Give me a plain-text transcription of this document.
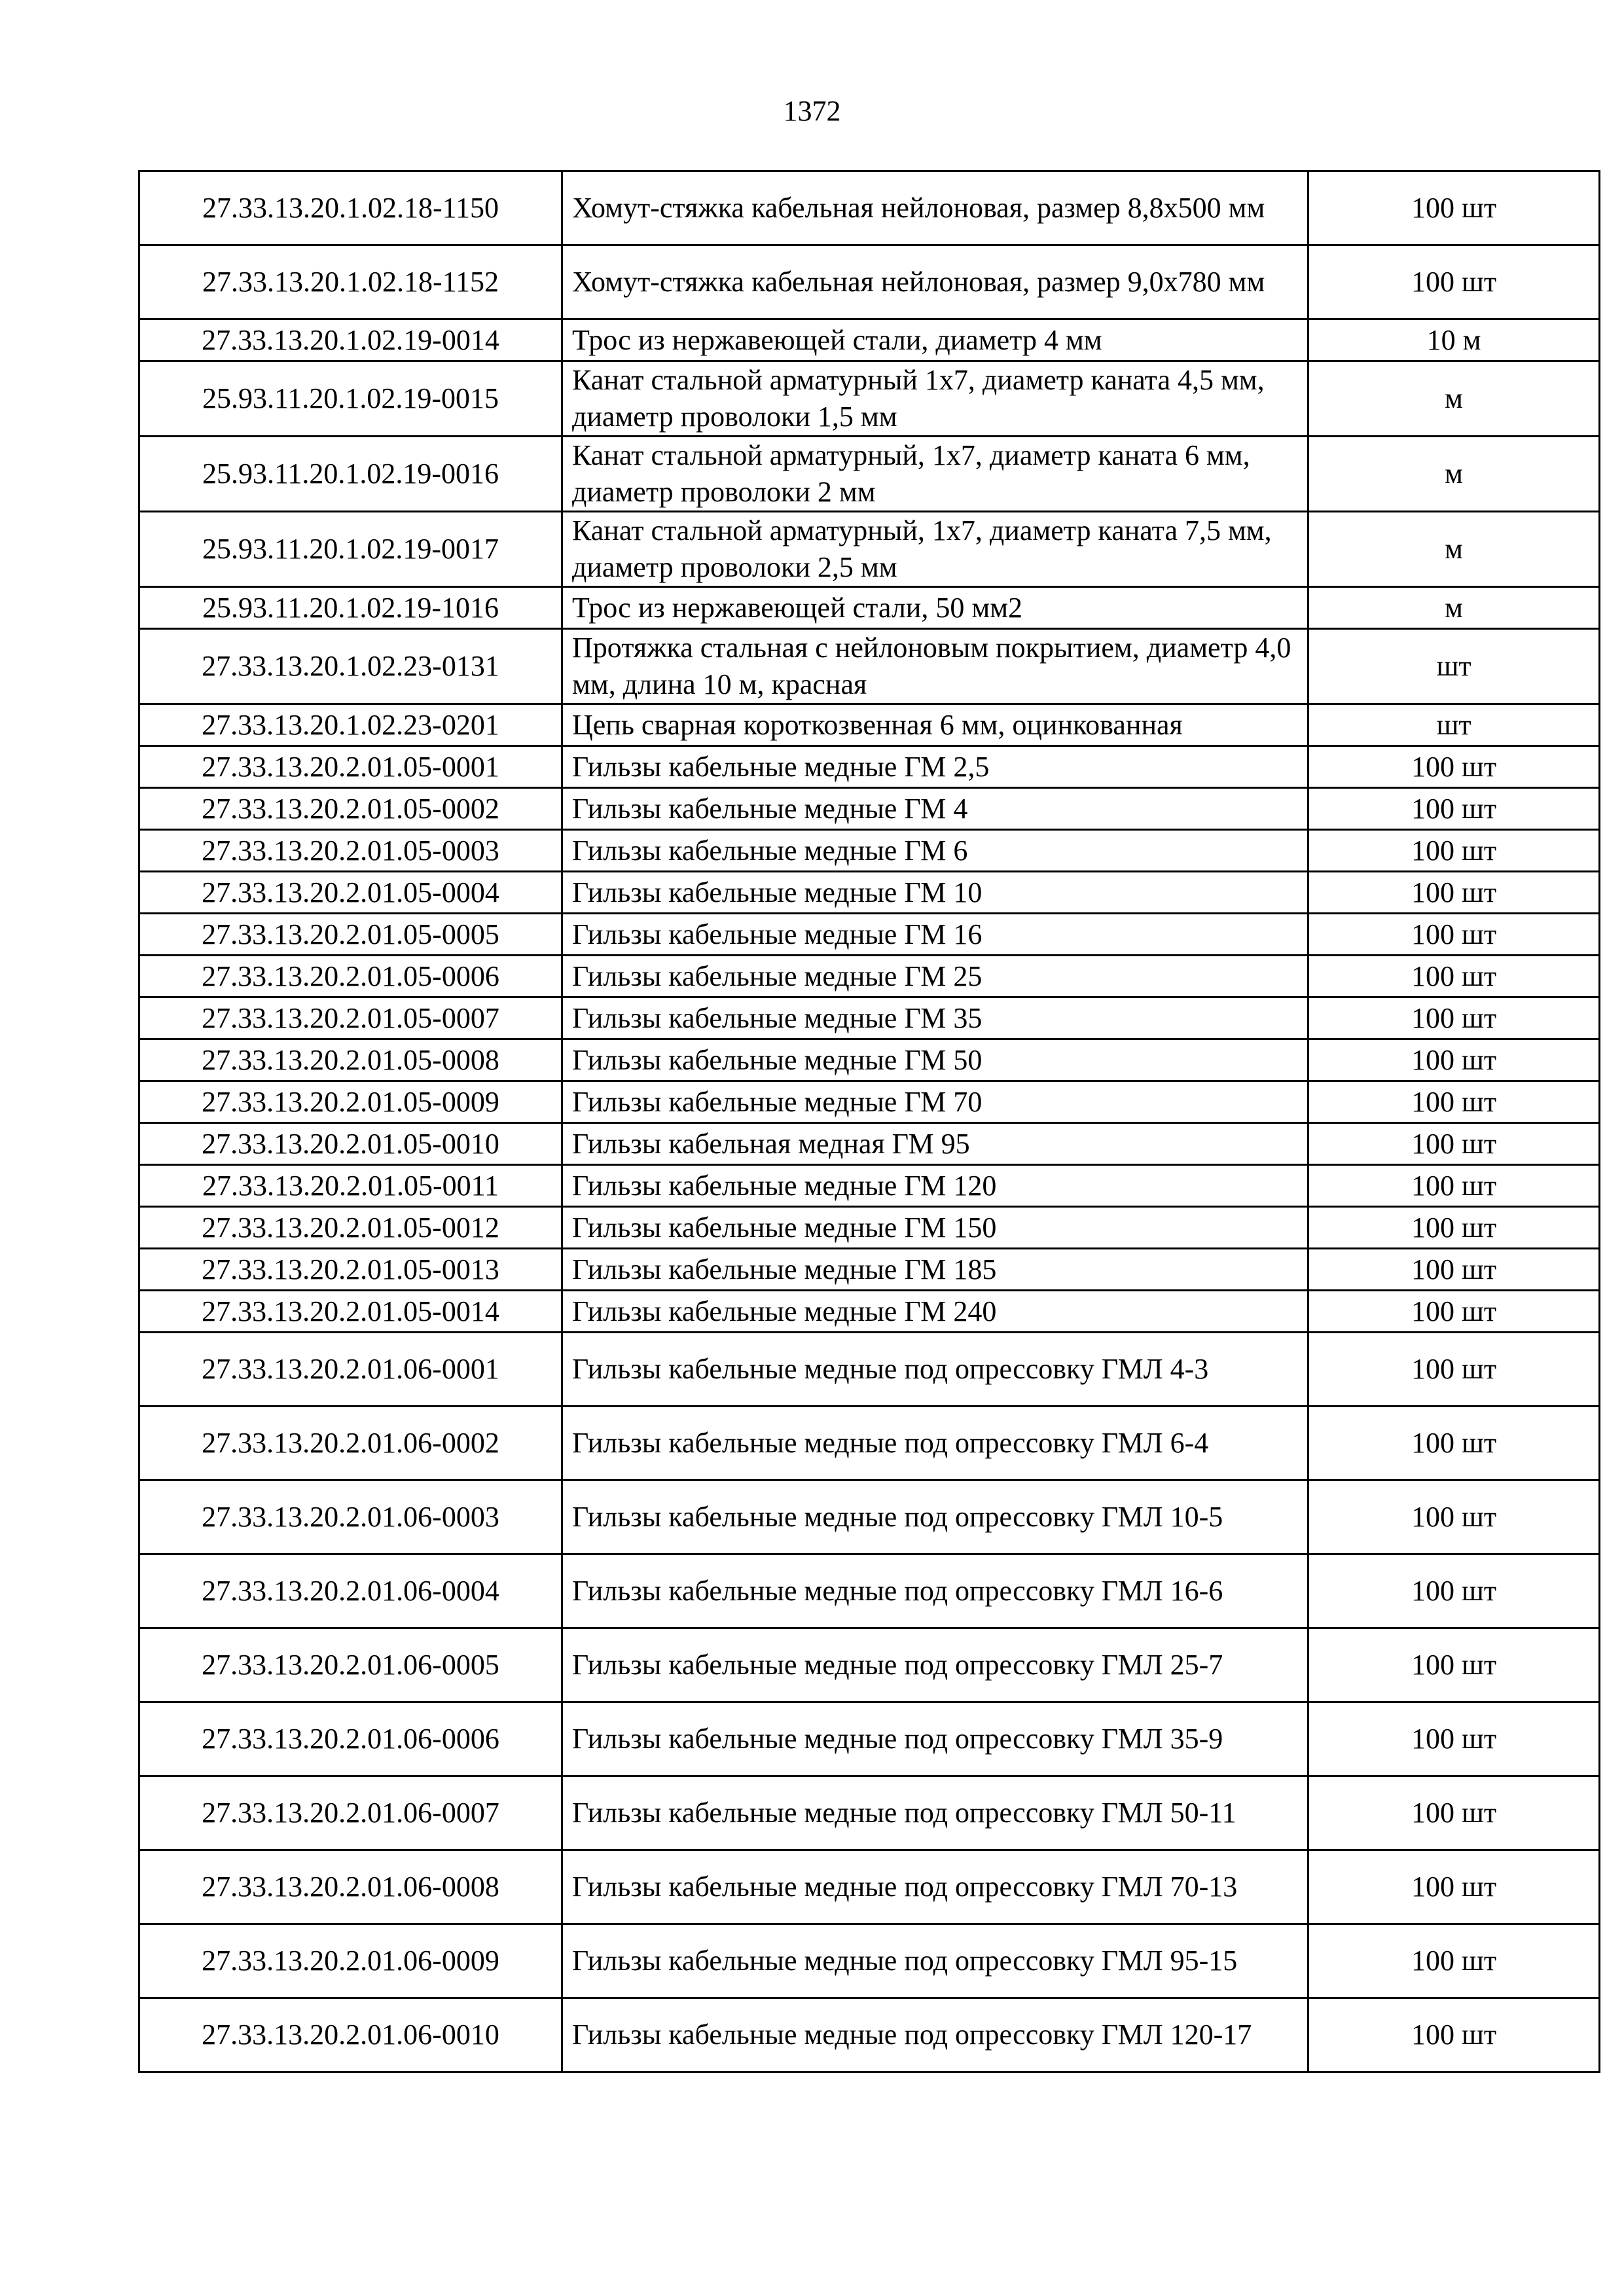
1372
27.33.13.20.1.02.18-1150	Хомут-стяжка кабельная нейлоновая, размер 8,8х500 мм	100 шт
27.33.13.20.1.02.18-1152	Хомут-стяжка кабельная нейлоновая, размер 9,0х780 мм	100 шт
27.33.13.20.1.02.19-0014	Трос из нержавеющей стали, диаметр 4 мм	10 м
25.93.11.20.1.02.19-0015	Канат стальной арматурный 1х7, диаметр каната 4,5 мм, диаметр проволоки 1,5 мм	м
25.93.11.20.1.02.19-0016	Канат стальной арматурный, 1х7, диаметр каната 6 мм, диаметр проволоки 2 мм	м
25.93.11.20.1.02.19-0017	Канат стальной арматурный, 1х7, диаметр каната 7,5 мм, диаметр проволоки 2,5 мм	м
25.93.11.20.1.02.19-1016	Трос из нержавеющей стали, 50 мм2	м
27.33.13.20.1.02.23-0131	Протяжка стальная с нейлоновым покрытием, диаметр 4,0 мм, длина 10 м, красная	шт
27.33.13.20.1.02.23-0201	Цепь сварная короткозвенная 6 мм, оцинкованная	шт
27.33.13.20.2.01.05-0001	Гильзы кабельные медные ГМ 2,5	100 шт
27.33.13.20.2.01.05-0002	Гильзы кабельные медные ГМ 4	100 шт
27.33.13.20.2.01.05-0003	Гильзы кабельные медные ГМ 6	100 шт
27.33.13.20.2.01.05-0004	Гильзы кабельные медные ГМ 10	100 шт
27.33.13.20.2.01.05-0005	Гильзы кабельные медные ГМ 16	100 шт
27.33.13.20.2.01.05-0006	Гильзы кабельные медные ГМ 25	100 шт
27.33.13.20.2.01.05-0007	Гильзы кабельные медные ГМ 35	100 шт
27.33.13.20.2.01.05-0008	Гильзы кабельные медные ГМ 50	100 шт
27.33.13.20.2.01.05-0009	Гильзы кабельные медные ГМ 70	100 шт
27.33.13.20.2.01.05-0010	Гильзы кабельная медная ГМ 95	100 шт
27.33.13.20.2.01.05-0011	Гильзы кабельные медные ГМ 120	100 шт
27.33.13.20.2.01.05-0012	Гильзы кабельные медные ГМ 150	100 шт
27.33.13.20.2.01.05-0013	Гильзы кабельные медные ГМ 185	100 шт
27.33.13.20.2.01.05-0014	Гильзы кабельные медные ГМ 240	100 шт
27.33.13.20.2.01.06-0001	Гильзы кабельные медные под опрессовку ГМЛ 4-3	100 шт
27.33.13.20.2.01.06-0002	Гильзы кабельные медные под опрессовку ГМЛ 6-4	100 шт
27.33.13.20.2.01.06-0003	Гильзы кабельные медные под опрессовку ГМЛ 10-5	100 шт
27.33.13.20.2.01.06-0004	Гильзы кабельные медные под опрессовку ГМЛ 16-6	100 шт
27.33.13.20.2.01.06-0005	Гильзы кабельные медные под опрессовку ГМЛ 25-7	100 шт
27.33.13.20.2.01.06-0006	Гильзы кабельные медные под опрессовку ГМЛ 35-9	100 шт
27.33.13.20.2.01.06-0007	Гильзы кабельные медные под опрессовку ГМЛ 50-11	100 шт
27.33.13.20.2.01.06-0008	Гильзы кабельные медные под опрессовку ГМЛ 70-13	100 шт
27.33.13.20.2.01.06-0009	Гильзы кабельные медные под опрессовку ГМЛ 95-15	100 шт
27.33.13.20.2.01.06-0010	Гильзы кабельные медные под опрессовку ГМЛ 120-17	100 шт
